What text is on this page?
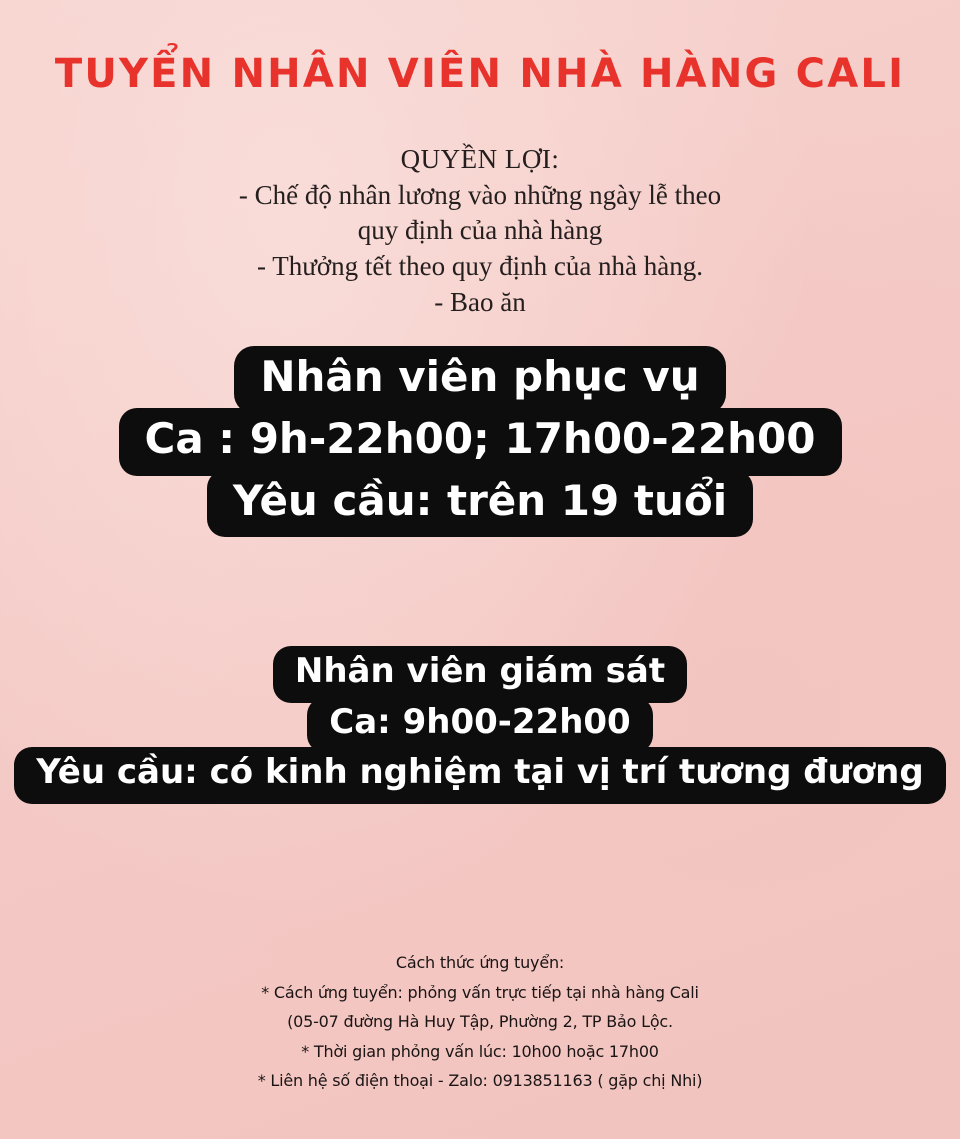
TUYỂN NHÂN VIÊN NHÀ HÀNG CALI
QUYỀN LỢI:
- Chế độ nhân lương vào những ngày lễ theo
quy định của nhà hàng
- Thưởng tết theo quy định của nhà hàng.
- Bao ăn
Nhân viên phục vụ
Ca : 9h-22h00; 17h00-22h00
Yêu cầu: trên 19 tuổi
Nhân viên giám sát
Ca: 9h00-22h00
Yêu cầu: có kinh nghiệm tại vị trí tương đương
Cách thức ứng tuyển:
* Cách ứng tuyển: phỏng vấn trực tiếp tại nhà hàng Cali
(05-07 đường Hà Huy Tập, Phường 2, TP Bảo Lộc.
* Thời gian phỏng vấn lúc: 10h00 hoặc 17h00
* Liên hệ số điện thoại - Zalo: 0913851163 ( gặp chị Nhi)
